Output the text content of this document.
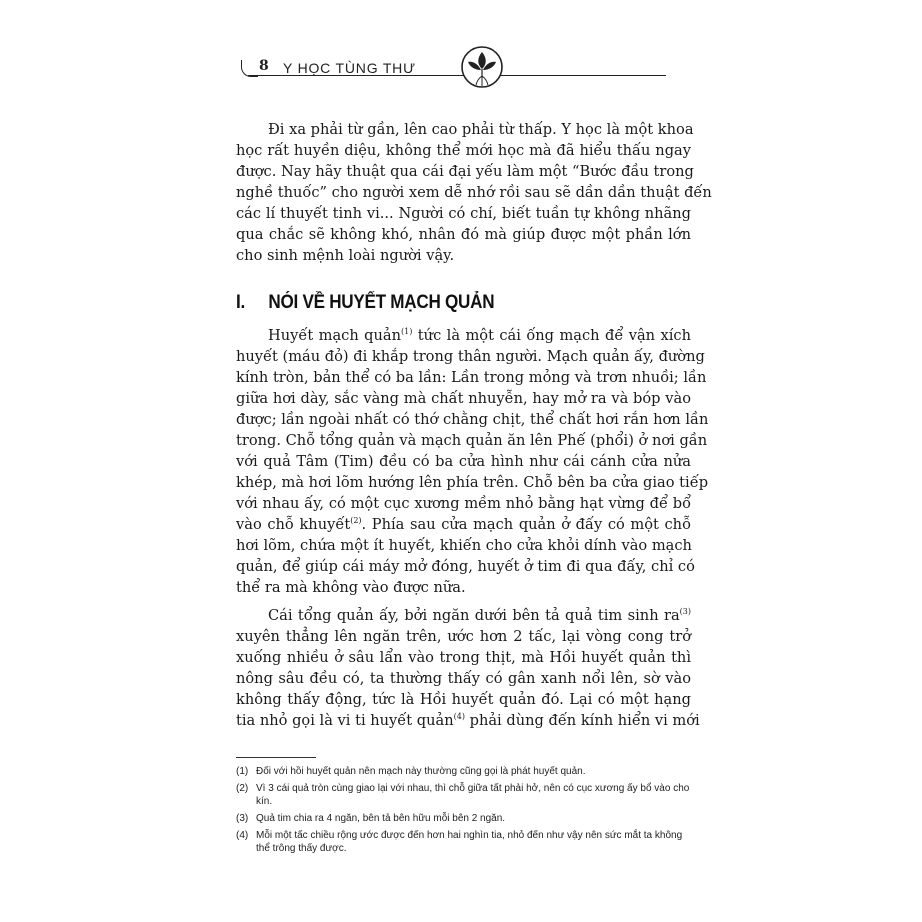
8 Y HỌC TÙNG THƯ
Đi xa phải từ gần, lên cao phải từ thấp. Y học là một khoa
học rất huyền diệu, không thể mới học mà đã hiểu thấu ngay
được. Nay hãy thuật qua cái đại yếu làm một “Bước đầu trong
nghề thuốc” cho người xem dễ nhớ rồi sau sẽ dần dần thuật đến
các lí thuyết tinh vi... Người có chí, biết tuần tự không nhãng
qua chắc sẽ không khó, nhân đó mà giúp được một phần lớn
cho sinh mệnh loài người vậy.
I. NÓI VỀ HUYẾT MẠCH QUẢN
Huyết mạch quản$^{(1)}$ tức là một cái ống mạch để vận xích
huyết (máu đỏ) đi khắp trong thân người. Mạch quản ấy, đường
kính tròn, bản thể có ba lần: Lần trong mỏng và trơn nhuồi; lần
giữa hơi dày, sắc vàng mà chất nhuyễn, hay mở ra và bóp vào
được; lần ngoài nhất có thớ chằng chịt, thể chất hơi rắn hơn lần
trong. Chỗ tổng quản và mạch quản ăn lên Phế (phổi) ở nơi gần
với quả Tâm (Tim) đều có ba cửa hình như cái cánh cửa nửa
khép, mà hơi lõm hướng lên phía trên. Chỗ bên ba cửa giao tiếp
với nhau ấy, có một cục xương mềm nhỏ bằng hạt vừng để bổ
vào chỗ khuyết$^{(2)}$. Phía sau cửa mạch quản ở đấy có một chỗ
hơi lõm, chứa một ít huyết, khiến cho cửa khỏi dính vào mạch
quản, để giúp cái máy mở đóng, huyết ở tim đi qua đấy, chỉ có
thể ra mà không vào được nữa.
Cái tổng quản ấy, bởi ngăn dưới bên tả quả tim $\sinh ra^{(3)}$
xuyên thẳng lên ngăn trên, ước hơn 2 tấc, lại vòng cong trở
xuống nhiều ở sâu lẩn vào trong thịt, mà Hồi huyết quản thì
nông sâu đều có, ta thường thấy có gân xanh nổi lên, sờ vào
không thấy động, tức là Hồi huyết quản đó. Lại có một hạng
tia nhỏ gọi là vi ti huyết quản$^{(4)}$ phải dùng đến kính hiển vi mới
(1) Đối với hồi huyết quản nên mạch này thường cũng gọi là phát huyết quản.
(2) Vì 3 cái quả tròn cùng giao lại với nhau, thì chỗ giữa tất phải hở, nên có cục xương ấy bổ vào cho kín.
(3) Quả tim chia ra 4 ngăn, bên tả bên hữu mỗi bên 2 ngăn.
(4) Mỗi một tấc chiều rộng ước được đến hơn hai nghìn tia, nhỏ đến như vậy nên sức mắt ta không thể trông thấy được.
